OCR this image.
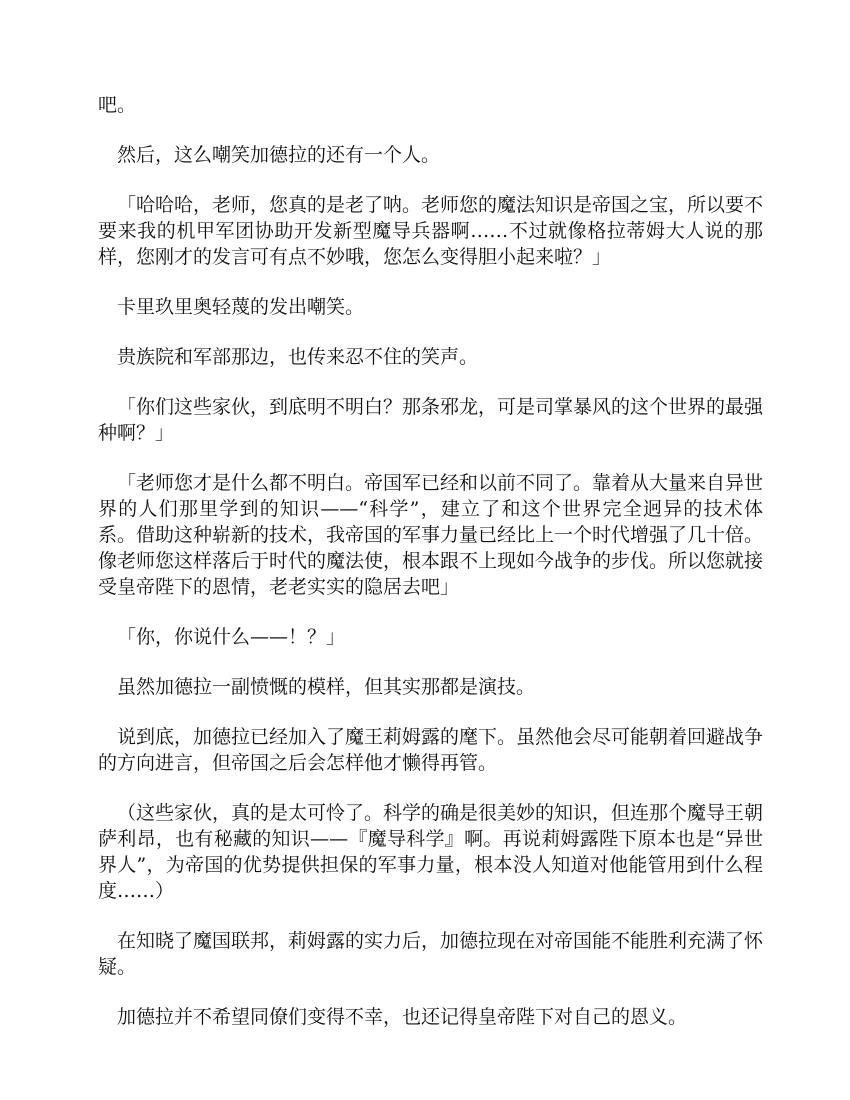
吧。

然后，这么嘲笑加德拉的还有一个人。

「哈哈哈，老师，您真的是老了呐。老师您的魔法知识是帝国之宝，所以要不要来我的机甲军团协助开发新型魔导兵器啊……不过就像格拉蒂姆大人说的那样，您刚才的发言可有点不妙哦，您怎么变得胆小起来啦？」

卡里玖里奥轻蔑的发出嘲笑。

贵族院和军部那边，也传来忍不住的笑声。

「你们这些家伙，到底明不明白？那条邪龙，可是司掌暴风的这个世界的最强种啊？」

「老师您才是什么都不明白。帝国军已经和以前不同了。靠着从大量来自异世界的人们那里学到的知识——“科学”，建立了和这个世界完全迥异的技术体系。借助这种崭新的技术，我帝国的军事力量已经比上一个时代增强了几十倍。像老师您这样落后于时代的魔法使，根本跟不上现如今战争的步伐。所以您就接受皇帝陛下的恩情，老老实实的隐居去吧」

「你，你说什么——！？」

虽然加德拉一副愤慨的模样，但其实那都是演技。

说到底，加德拉已经加入了魔王莉姆露的麾下。虽然他会尽可能朝着回避战争的方向进言，但帝国之后会怎样他才懒得再管。

（这些家伙，真的是太可怜了。科学的确是很美妙的知识，但连那个魔导王朝萨利昂，也有秘藏的知识——『魔导科学』啊。再说莉姆露陛下原本也是“异世界人”，为帝国的优势提供担保的军事力量，根本没人知道对他能管用到什么程度……）

在知晓了魔国联邦，莉姆露的实力后，加德拉现在对帝国能不能胜利充满了怀疑。

加德拉并不希望同僚们变得不幸，也还记得皇帝陛下对自己的恩义。
